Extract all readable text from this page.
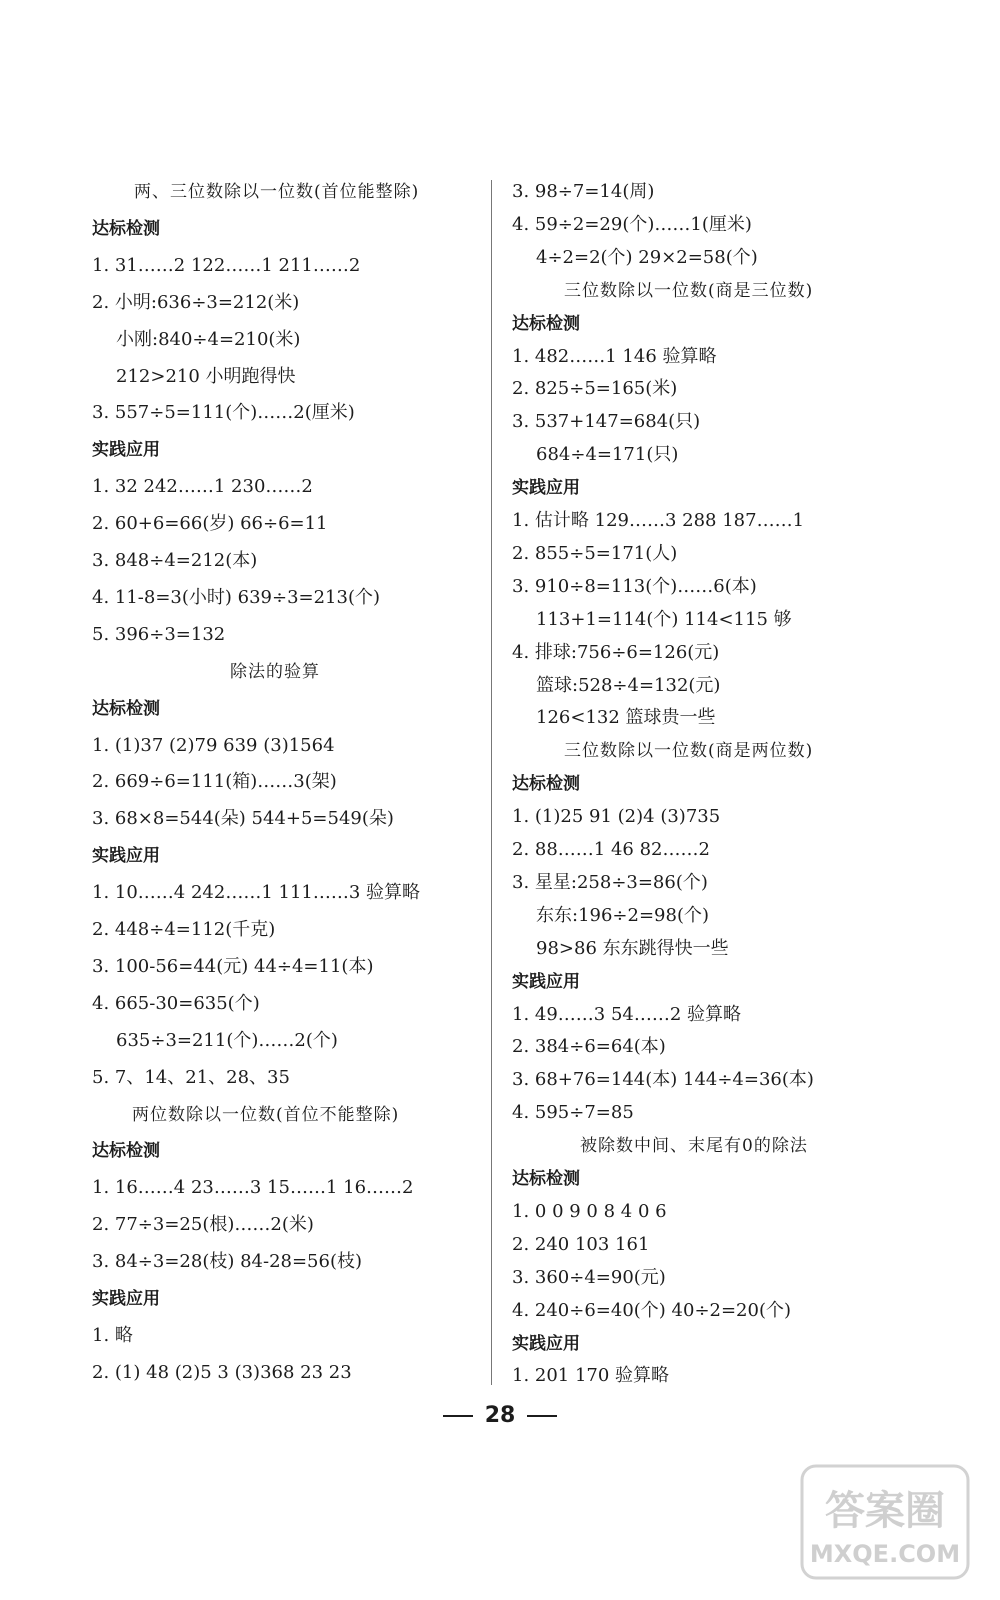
两、三位数除以一位数(首位能整除)
达标检测
1. 31……2 122……1 211……2
2. 小明:636÷3=212(米)
小刚:840÷4=210(米)
212>210 小明跑得快
3. 557÷5=111(个)……2(厘米)
实践应用
1. 32 242……1 230……2
2. 60+6=66(岁) 66÷6=11
3. 848÷4=212(本)
4. 11-8=3(小时) 639÷3=213(个)
5. 396÷3=132
除法的验算
达标检测
1. (1)37 (2)79 639 (3)1564
2. 669÷6=111(箱)……3(架)
3. 68×8=544(朵) 544+5=549(朵)
实践应用
1. 10……4 242……1 111……3 验算略
2. 448÷4=112(千克)
3. 100-56=44(元) 44÷4=11(本)
4. 665-30=635(个)
635÷3=211(个)……2(个)
5. 7、14、21、28、35
两位数除以一位数(首位不能整除)
达标检测
1. 16……4 23……3 15……1 16……2
2. 77÷3=25(根)……2(米)
3. 84÷3=28(枝) 84-28=56(枝)
实践应用
1. 略
2. (1) 48 (2)5 3 (3)368 23 23
3. 98÷7=14(周)
4. 59÷2=29(个)……1(厘米)
4÷2=2(个) 29×2=58(个)
三位数除以一位数(商是三位数)
达标检测
1. 482……1 146 验算略
2. 825÷5=165(米)
3. 537+147=684(只)
684÷4=171(只)
实践应用
1. 估计略 129……3 288 187……1
2. 855÷5=171(人)
3. 910÷8=113(个)……6(本)
113+1=114(个) 114<115 够
4. 排球:756÷6=126(元)
篮球:528÷4=132(元)
126<132 篮球贵一些
三位数除以一位数(商是两位数)
达标检测
1. (1)25 91 (2)4 (3)735
2. 88……1 46 82……2
3. 星星:258÷3=86(个)
东东:196÷2=98(个)
98>86 东东跳得快一些
实践应用
1. 49……3 54……2 验算略
2. 384÷6=64(本)
3. 68+76=144(本) 144÷4=36(本)
4. 595÷7=85
被除数中间、末尾有0的除法
达标检测
1. 0 0 9 0 8 4 0 6
2. 240 103 161
3. 360÷4=90(元)
4. 240÷6=40(个) 40÷2=20(个)
实践应用
1. 201 170 验算略
28
答案圈
MXQE.COM
